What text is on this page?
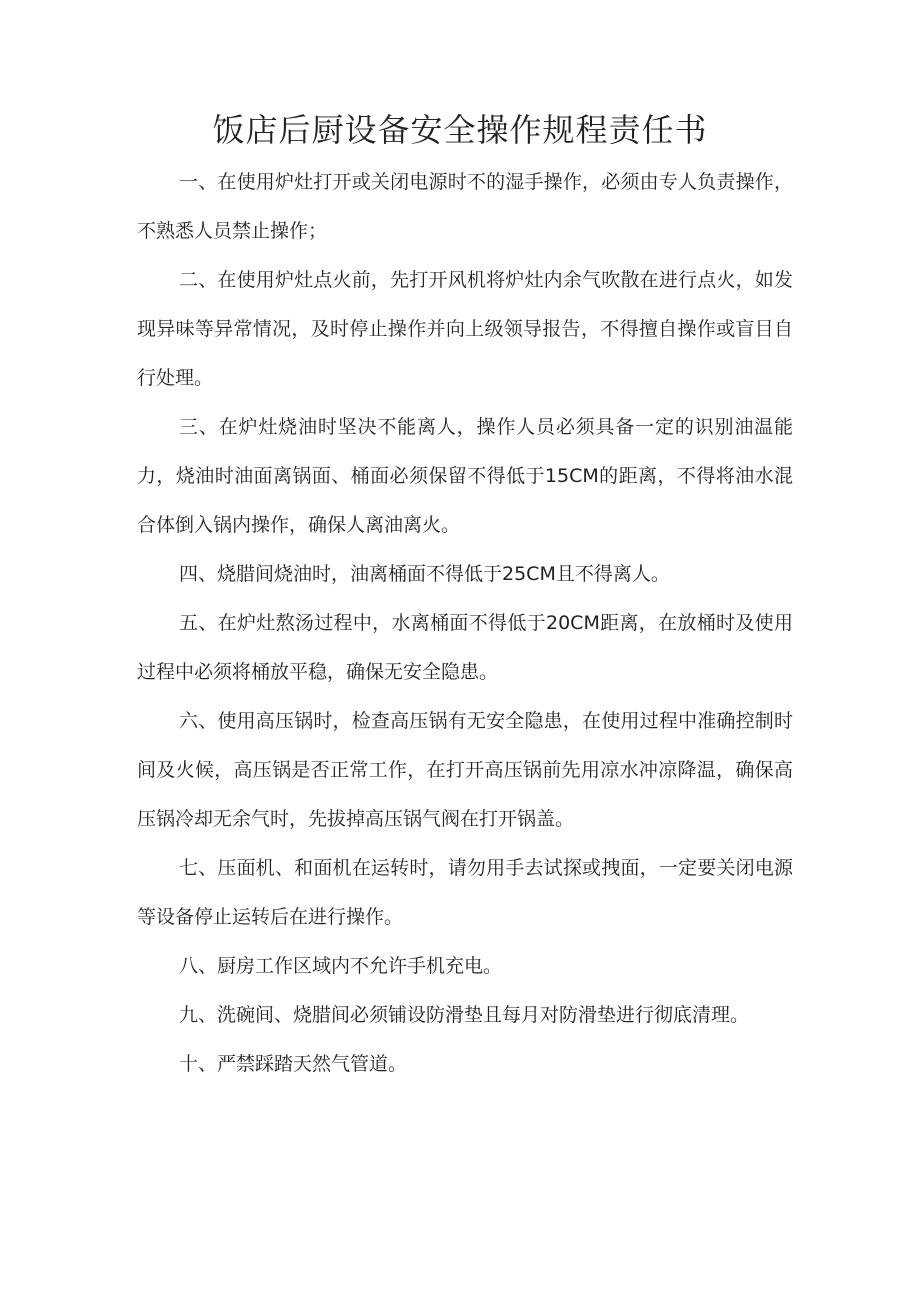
饭店后厨设备安全操作规程责任书

一、在使用炉灶打开或关闭电源时不的湿手操作，必须由专人负责操作，不熟悉人员禁止操作；

二、在使用炉灶点火前，先打开风机将炉灶内余气吹散在进行点火，如发现异味等异常情况，及时停止操作并向上级领导报告，不得擅自操作或盲目自行处理。

三、在炉灶烧油时坚决不能离人，操作人员必须具备一定的识别油温能力，烧油时油面离锅面、桶面必须保留不得低于15CM的距离，不得将油水混合体倒入锅内操作，确保人离油离火。

四、烧腊间烧油时，油离桶面不得低于25CM且不得离人。

五、在炉灶熬汤过程中，水离桶面不得低于20CM距离，在放桶时及使用过程中必须将桶放平稳，确保无安全隐患。

六、使用高压锅时，检查高压锅有无安全隐患，在使用过程中准确控制时间及火候，高压锅是否正常工作，在打开高压锅前先用凉水冲凉降温，确保高压锅冷却无余气时，先拔掉高压锅气阀在打开锅盖。

七、压面机、和面机在运转时，请勿用手去试探或拽面，一定要关闭电源等设备停止运转后在进行操作。

八、厨房工作区域内不允许手机充电。

九、洗碗间、烧腊间必须铺设防滑垫且每月对防滑垫进行彻底清理。

十、严禁踩踏天然气管道。
